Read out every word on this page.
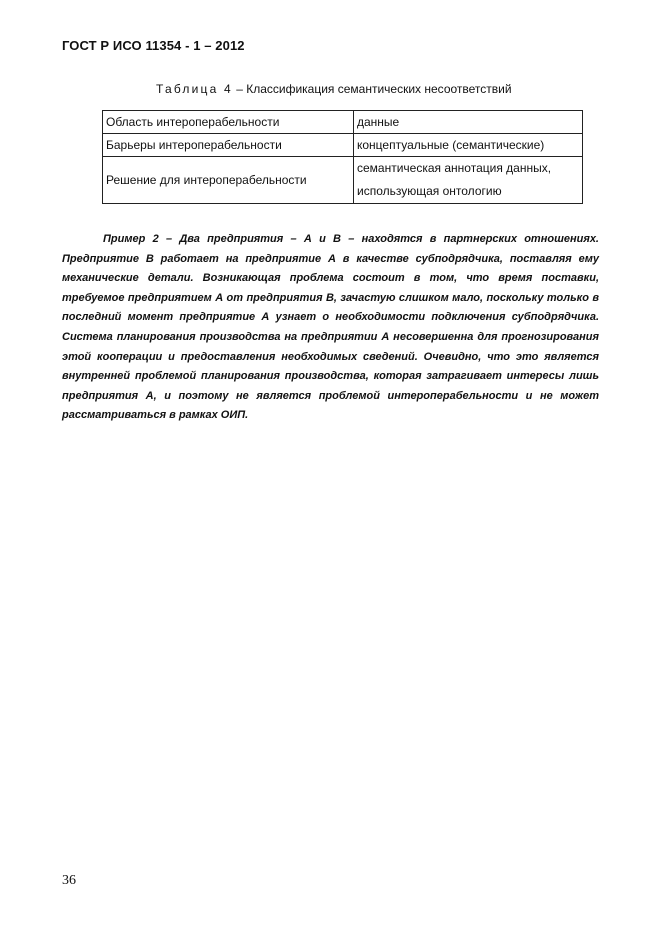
ГОСТ Р ИСО 11354 - 1 – 2012
Таблица 4 – Классификация семантических несоответствий
Область интероперабельности	данные
Барьеры интероперабельности	концептуальные (семантические)
Решение для интероперабельности	семантическая аннотация данных,
использующая онтологию

Пример 2 – Два предприятия – А и В – находятся в партнерских отношениях. Предприятие В работает на предприятие А в качестве субподрядчика, поставляя ему механические детали. Возникающая проблема состоит в том, что время поставки, требуемое предприятием А от предприятия В, зачастую слишком мало, поскольку только в последний момент предприятие А узнает о необходимости подключения субподрядчика. Система планирования производства на предприятии А несовершенна для прогнозирования этой кооперации и предоставления необходимых сведений. Очевидно, что это является внутренней проблемой планирования производства, которая затрагивает интересы лишь предприятия А, и поэтому не является проблемой интероперабельности и не может рассматриваться в рамках ОИП.

36
